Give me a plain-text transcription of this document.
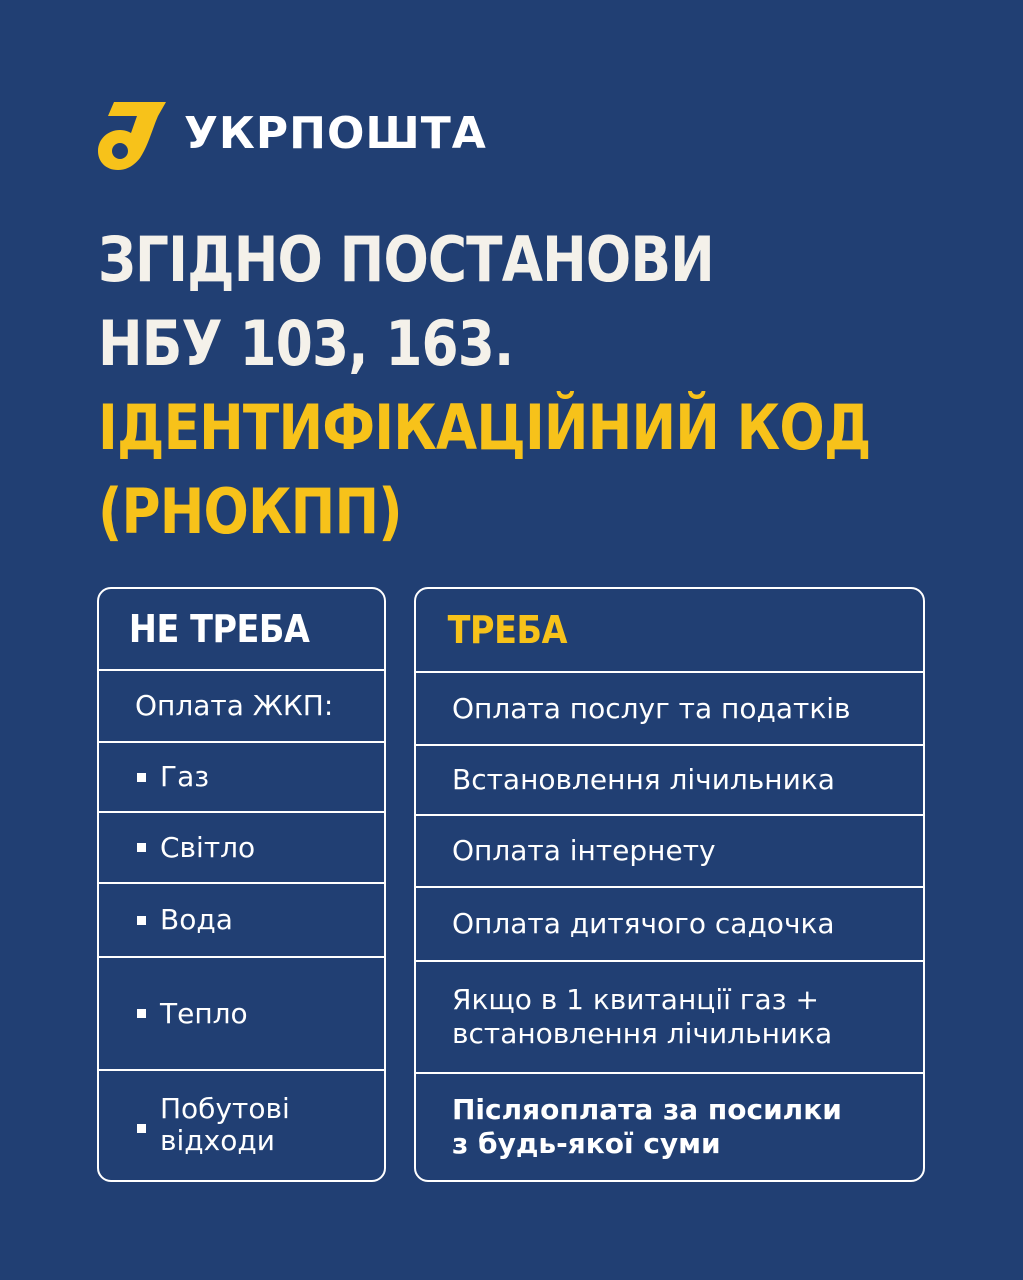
УКРПОШТА
ЗГІДНО ПОСТАНОВИ
НБУ 103, 163.
ІДЕНТИФІКАЦІЙНИЙ КОД
(РНОКПП)
НЕ ТРЕБА
Оплата ЖКП:
Газ
Світло
Вода
Тепло
Побутові
відходи
ТРЕБА
Оплата послуг та податків
Встановлення лічильника
Оплата інтернету
Оплата дитячого садочка
Якщо в 1 квитанції газ +
встановлення лічильника
Післяоплата за посилки
з будь-якої суми
